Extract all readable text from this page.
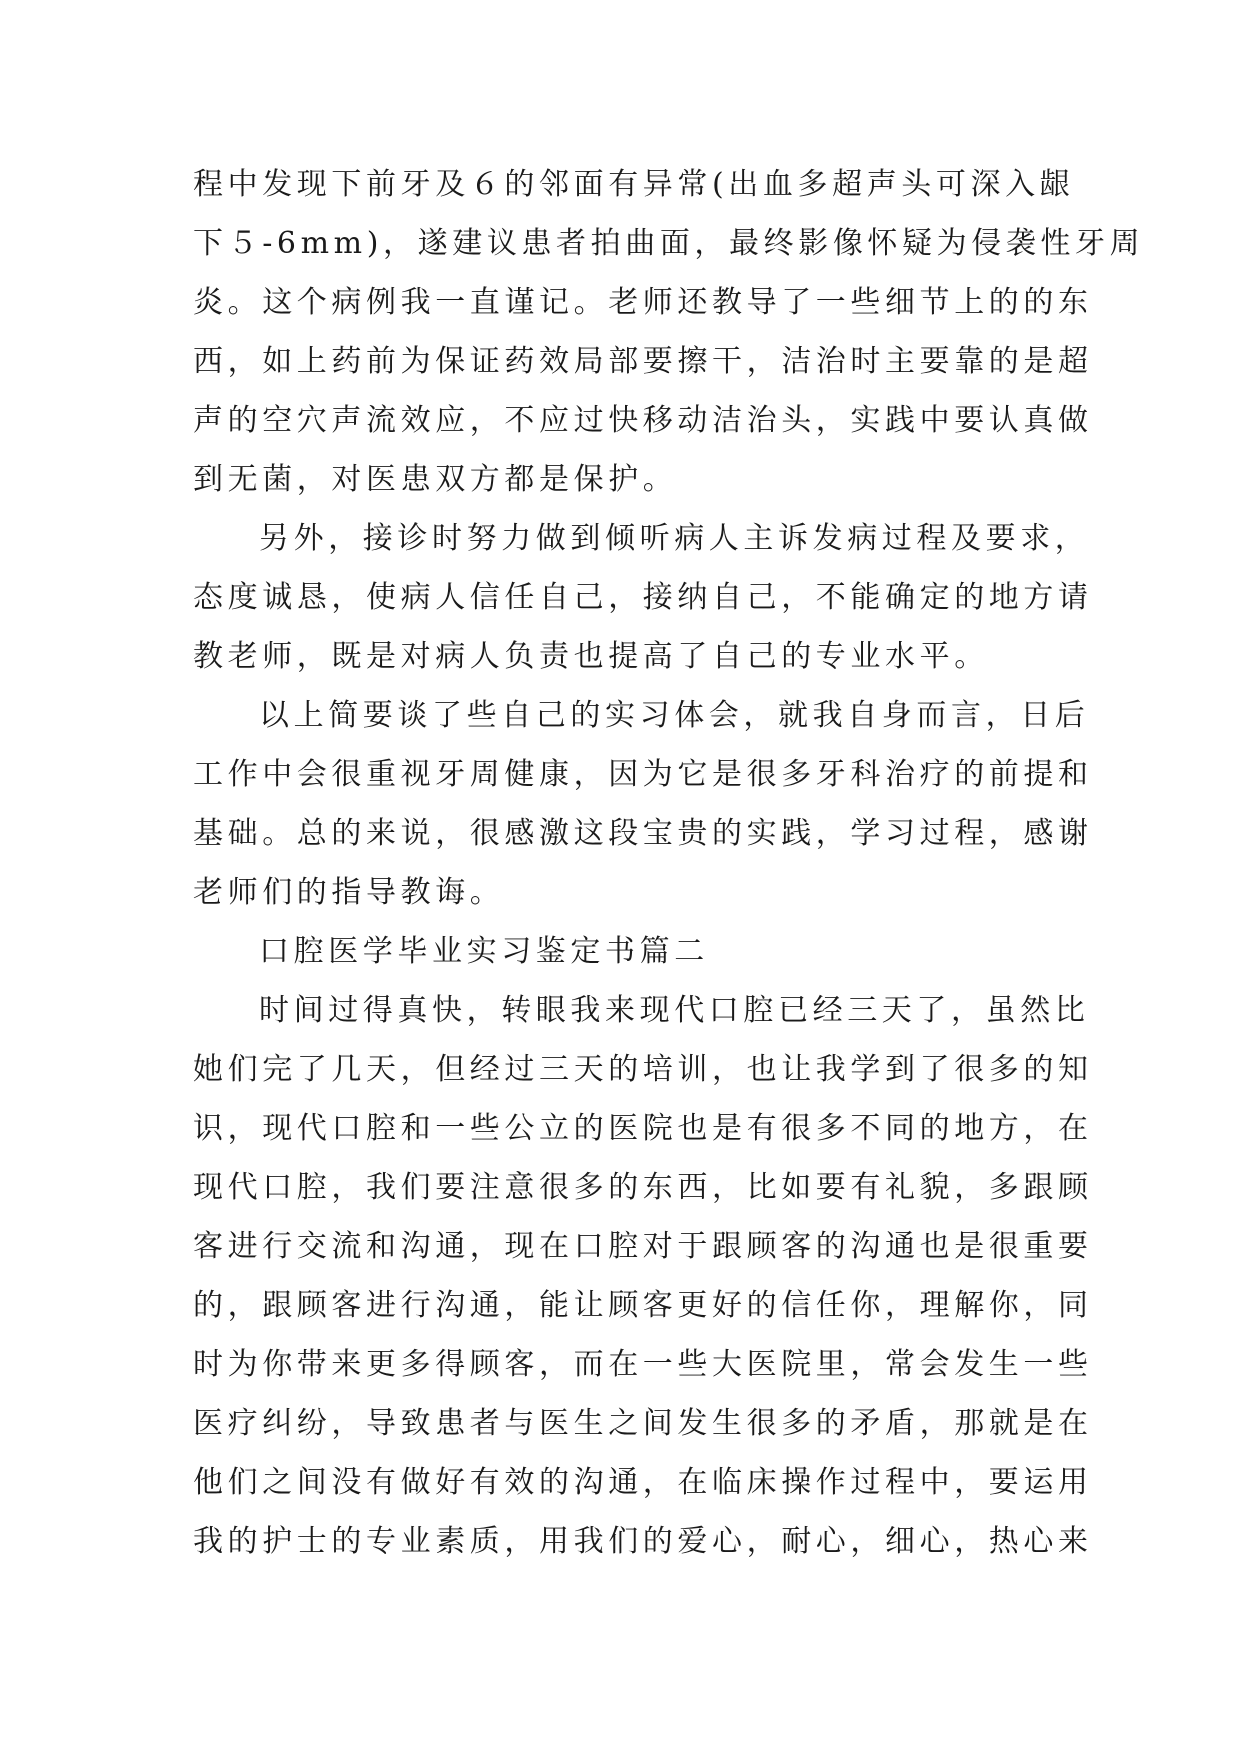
程中发现下前牙及６的邻面有异常(出血多超声头可深入龈
下５-6mm)，遂建议患者拍曲面，最终影像怀疑为侵袭性牙周
炎。这个病例我一直谨记。老师还教导了一些细节上的的东
西，如上药前为保证药效局部要擦干，洁治时主要靠的是超
声的空穴声流效应，不应过快移动洁治头，实践中要认真做
到无菌，对医患双方都是保护。
另外，接诊时努力做到倾听病人主诉发病过程及要求，
态度诚恳，使病人信任自己，接纳自己，不能确定的地方请
教老师，既是对病人负责也提高了自己的专业水平。
以上简要谈了些自己的实习体会，就我自身而言，日后
工作中会很重视牙周健康，因为它是很多牙科治疗的前提和
基础。总的来说，很感激这段宝贵的实践，学习过程，感谢
老师们的指导教诲。
口腔医学毕业实习鉴定书篇二
时间过得真快，转眼我来现代口腔已经三天了，虽然比
她们完了几天，但经过三天的培训，也让我学到了很多的知
识，现代口腔和一些公立的医院也是有很多不同的地方，在
现代口腔，我们要注意很多的东西，比如要有礼貌，多跟顾
客进行交流和沟通，现在口腔对于跟顾客的沟通也是很重要
的，跟顾客进行沟通，能让顾客更好的信任你，理解你，同
时为你带来更多得顾客，而在一些大医院里，常会发生一些
医疗纠纷，导致患者与医生之间发生很多的矛盾，那就是在
他们之间没有做好有效的沟通，在临床操作过程中，要运用
我的护士的专业素质，用我们的爱心，耐心，细心，热心来
